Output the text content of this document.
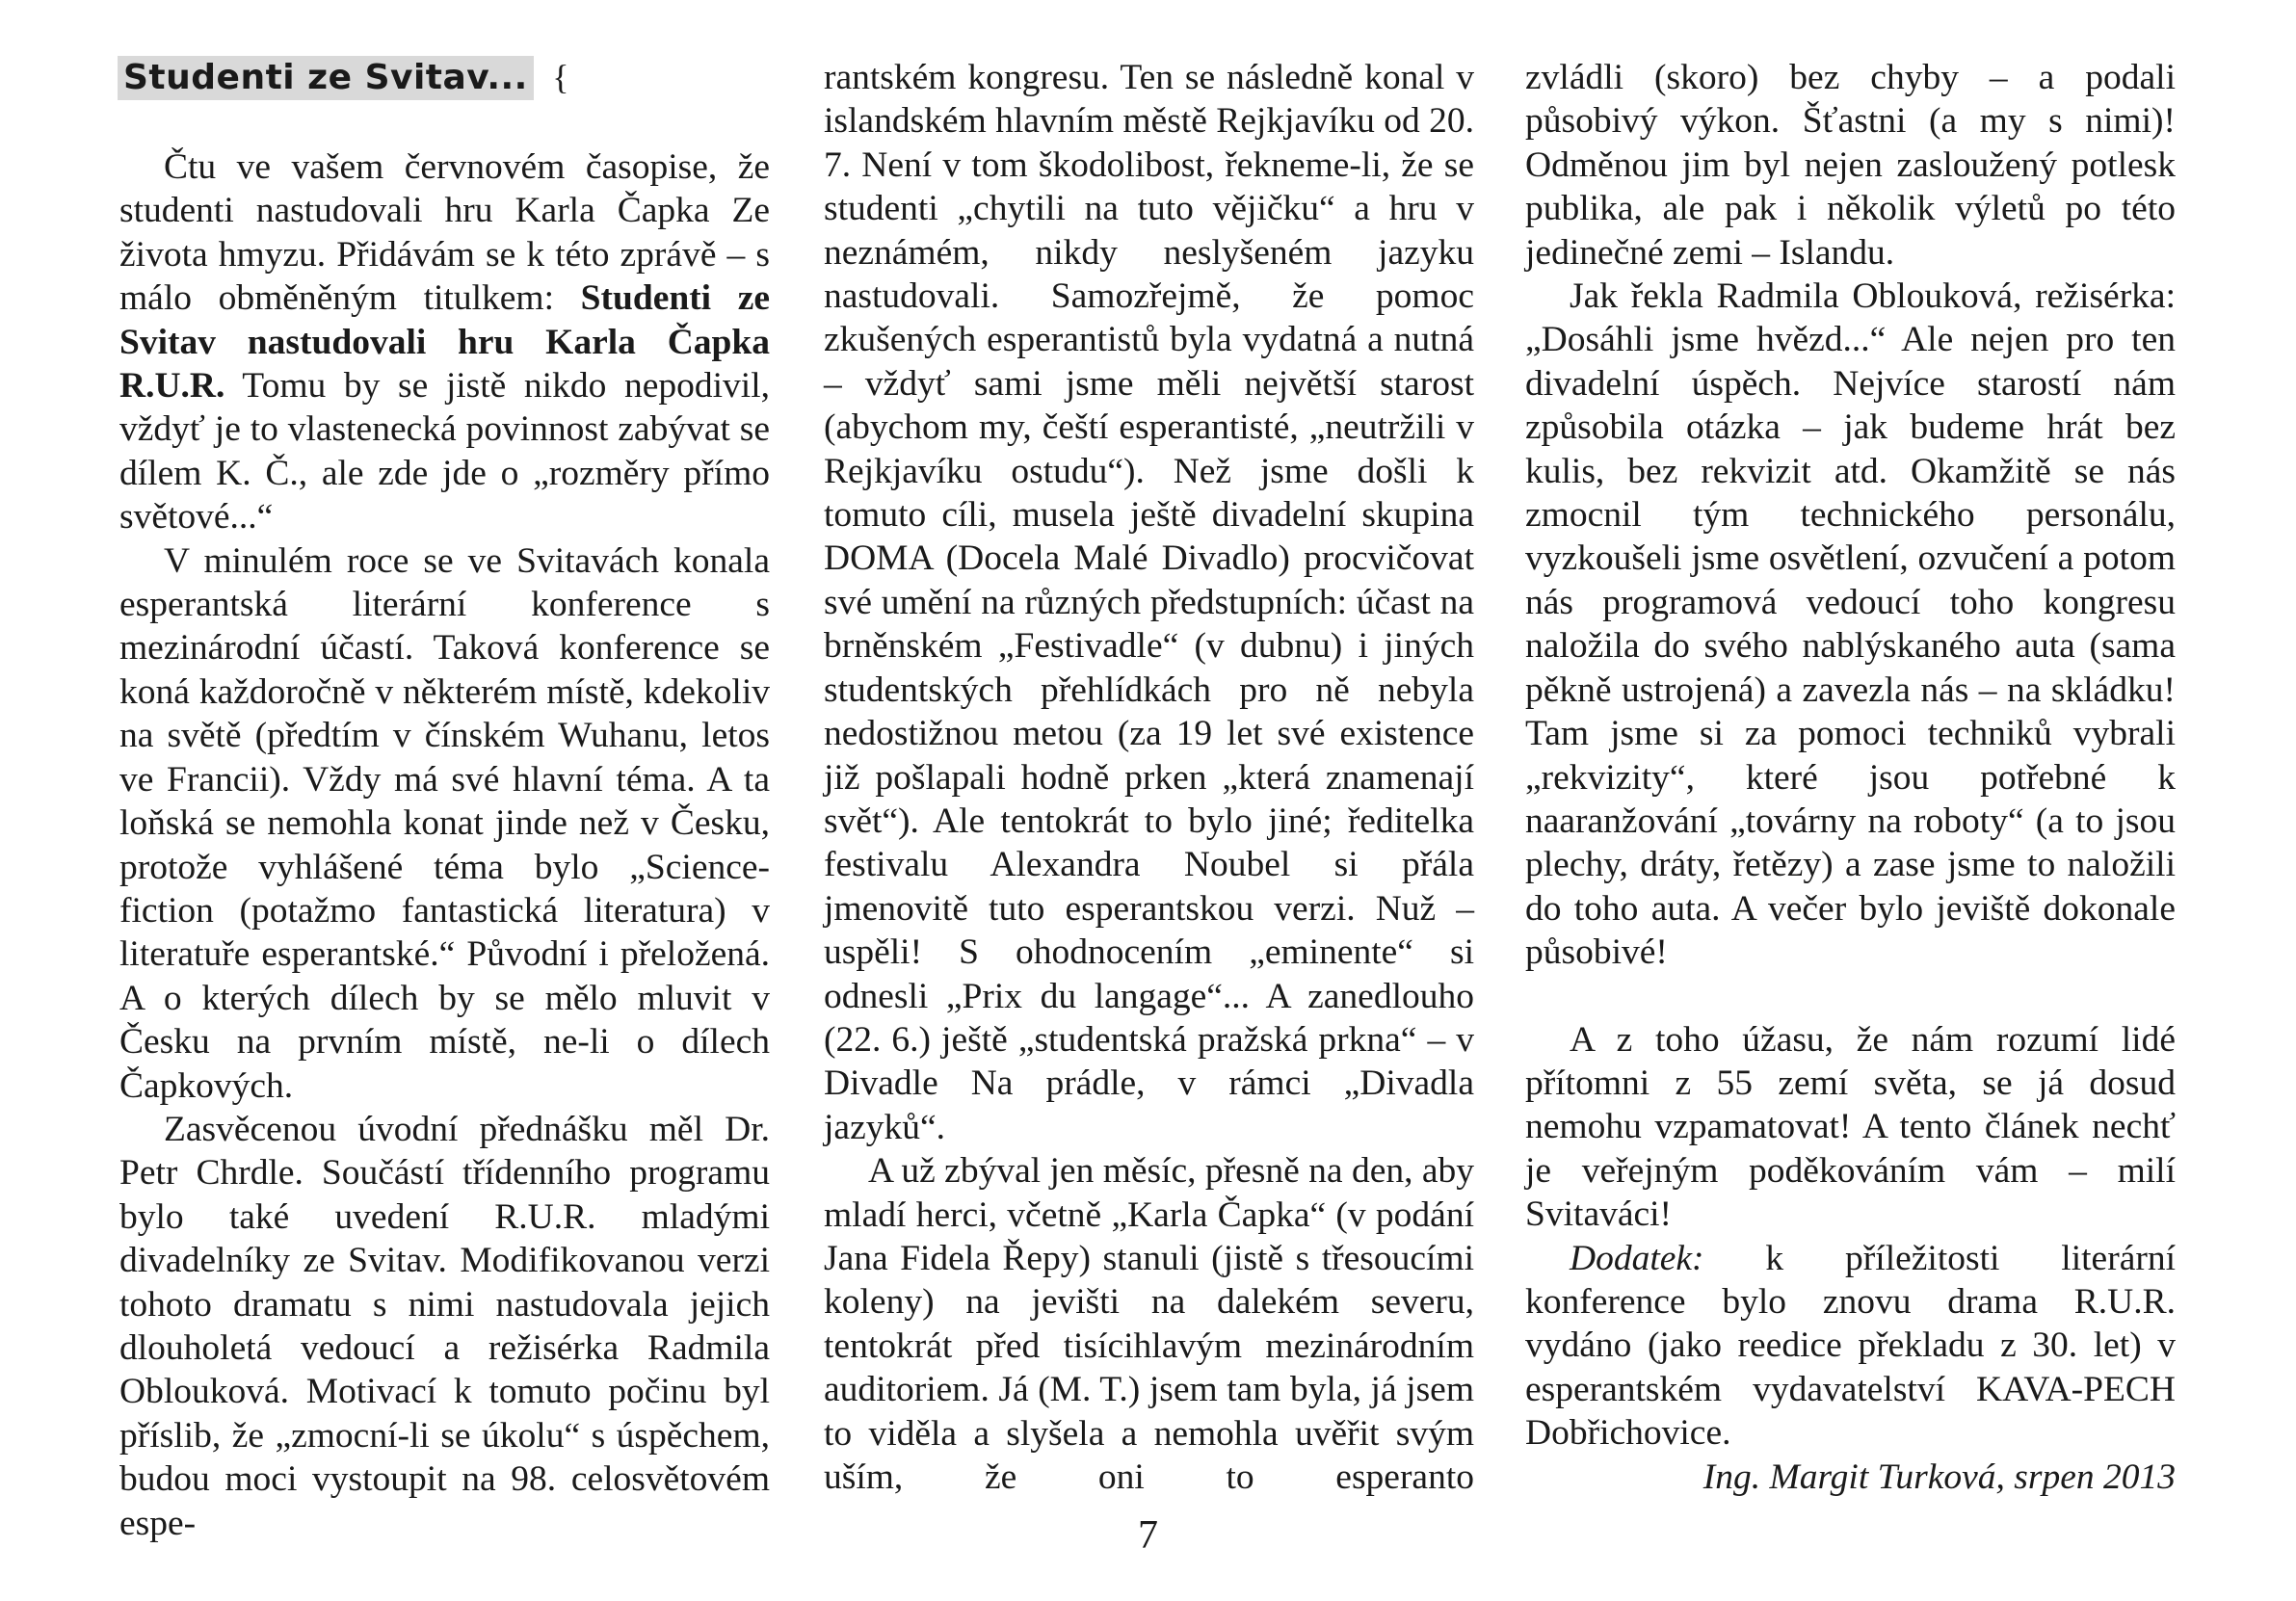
Studenti ze Svitav... {

Čtu ve vašem červnovém časopise, že studenti nastudovali hru Karla Čapka Ze života hmyzu. Přidávám se k této zprávě – s málo obměněným titulkem: Studenti ze Svitav nastudovali hru Karla Čapka R.U.R. Tomu by se jistě nikdo nepodivil, vždyť je to vlastenecká povinnost zabývat se dílem K. Č., ale zde jde o „rozměry přímo světové...“

V minulém roce se ve Svitavách konala esperantská literární konference s mezinárodní účastí. Taková konference se koná každoročně v některém místě, kdekoliv na světě (předtím v čínském Wuhanu, letos ve Francii). Vždy má své hlavní téma. A ta loňská se nemohla konat jinde než v Česku, protože vyhlášené téma bylo „Science-fiction (potažmo fantastická literatura) v literatuře esperantské.“ Původní i přeložená. A o kterých dílech by se mělo mluvit v Česku na prvním místě, ne-li o dílech Čapkových.

Zasvěcenou úvodní přednášku měl Dr. Petr Chrdle. Součástí třídenního programu bylo také uvedení R.U.R. mladými divadelníky ze Svitav. Modifikovanou verzi tohoto dramatu s nimi nastudovala jejich dlouholetá vedoucí a režisérka Radmila Oblouková. Motivací k tomuto počinu byl příslib, že „zmocní-li se úkolu“ s úspěchem, budou moci vystoupit na 98. celosvětovém espe-

rantském kongresu. Ten se následně konal v islandském hlavním městě Rejkjavíku od 20. 7. Není v tom škodolibost, řekneme-li, že se studenti „chytili na tuto vějičku“ a hru v neznámém, nikdy neslyšeném jazyku nastudovali. Samozřejmě, že pomoc zkušených esperantistů byla vydatná a nutná – vždyť sami jsme měli největší starost (abychom my, čeští esperantisté, „neutržili v Rejkjavíku ostudu“). Než jsme došli k tomuto cíli, musela ještě divadelní skupina DOMA (Docela Malé Divadlo) procvičovat své umění na různých předstupních: účast na brněnském „Festivadle“ (v dubnu) i jiných studentských přehlídkách pro ně nebyla nedostižnou metou (za 19 let své existence již pošlapali hodně prken „která znamenají svět“). Ale tentokrát to bylo jiné; ředitelka festivalu Alexandra Noubel si přála jmenovitě tuto esperantskou verzi. Nuž – uspěli! S ohodnocením „eminente“ si odnesli „Prix du langage“... A zanedlouho (22. 6.) ještě „studentská pražská prkna“ – v Divadle Na prádle, v rámci „Divadla jazyků“.

A už zbýval jen měsíc, přesně na den, aby mladí herci, včetně „Karla Čapka“ (v podání Jana Fidela Řepy) stanuli (jistě s třesoucími koleny) na jevišti na dalekém severu, tentokrát před tisícihlavým mezinárodním auditoriem. Já (M. T.) jsem tam byla, já jsem to viděla a slyšela a nemohla uvěřit svým uším, že oni to esperanto

zvládli (skoro) bez chyby – a podali působivý výkon. Šťastni (a my s nimi)! Odměnou jim byl nejen zasloužený potlesk publika, ale pak i několik výletů po této jedinečné zemi – Islandu.

Jak řekla Radmila Oblouková, režisérka: „Dosáhli jsme hvězd...“ Ale nejen pro ten divadelní úspěch. Nejvíce starostí nám způsobila otázka – jak budeme hrát bez kulis, bez rekvizit atd. Okamžitě se nás zmocnil tým technického personálu, vyzkoušeli jsme osvětlení, ozvučení a potom nás programová vedoucí toho kongresu naložila do svého nablýskaného auta (sama pěkně ustrojená) a zavezla nás – na skládku! Tam jsme si za pomoci techniků vybrali „rekvizity“, které jsou potřebné k naaranžování „továrny na roboty“ (a to jsou plechy, dráty, řetězy) a zase jsme to naložili do toho auta. A večer bylo jeviště dokonale působivé!

A z toho úžasu, že nám rozumí lidé přítomni z 55 zemí světa, se já dosud nemohu vzpamatovat! A tento článek nechť je veřejným poděkováním vám – milí Svitaváci!

Dodatek: k příležitosti literární konference bylo znovu drama R.U.R. vydáno (jako reedice překladu z 30. let) v esperantském vydavatelství KAVA-PECH Dobřichovice.

Ing. Margit Turková, srpen 2013

7
